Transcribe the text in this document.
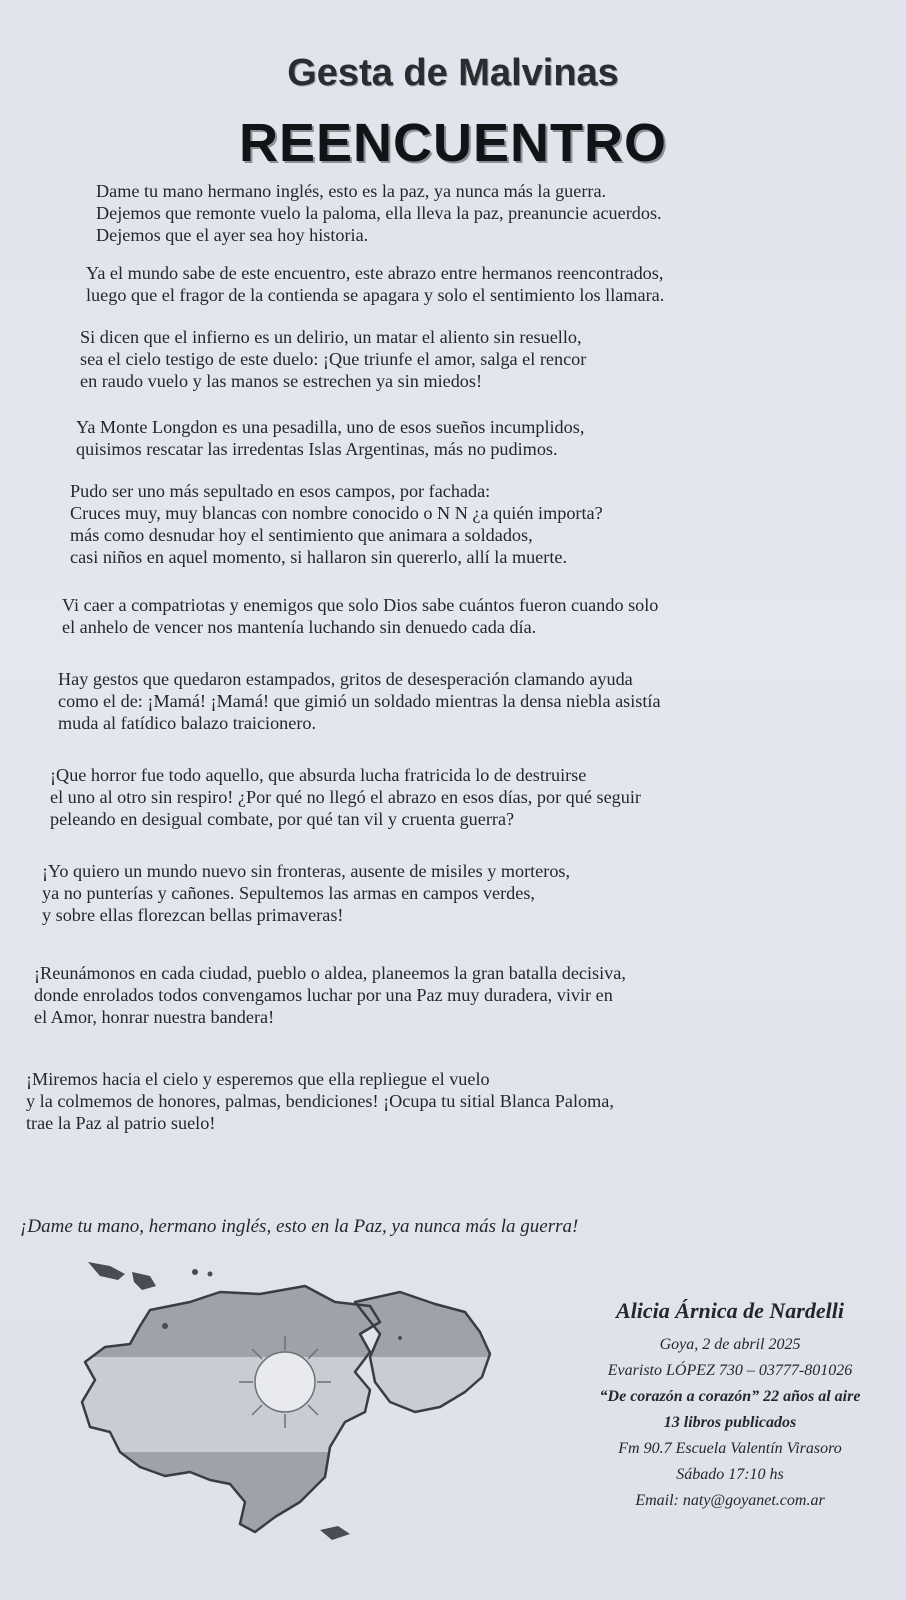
Gesta de Malvinas
REENCUENTRO
Dame tu mano hermano inglés, esto es la paz, ya nunca más la guerra.
Dejemos que remonte vuelo la paloma, ella lleva la paz, preanuncie acuerdos.
Dejemos que el ayer sea hoy historia.
Ya el mundo sabe de este encuentro, este abrazo entre hermanos reencontrados,
luego que el fragor de la contienda se apagara y solo el sentimiento los llamara.
Si dicen que el infierno es un delirio, un matar el aliento sin resuello,
sea el cielo testigo de este duelo: ¡Que triunfe el amor, salga el rencor
en raudo vuelo y las manos se estrechen ya sin miedos!
Ya Monte Longdon es una pesadilla, uno de esos sueños incumplidos,
quisimos rescatar las irredentas Islas Argentinas, más no pudimos.
Pudo ser uno más sepultado en esos campos, por fachada:
Cruces muy, muy blancas con nombre conocido o N N ¿a quién importa?
más como desnudar hoy el sentimiento que animara a soldados,
casi niños en aquel momento, si hallaron sin quererlo, allí la muerte.
Vi caer a compatriotas y enemigos que solo Dios sabe cuántos fueron cuando solo
el anhelo de vencer nos mantenía luchando sin denuedo cada día.
Hay gestos que quedaron estampados, gritos de desesperación clamando ayuda
como el de: ¡Mamá! ¡Mamá! que gimió un soldado mientras la densa niebla asistía
muda al fatídico balazo traicionero.
¡Que horror fue todo aquello, que absurda lucha fratricida lo de destruirse
el uno al otro sin respiro! ¿Por qué no llegó el abrazo en esos días, por qué seguir
peleando en desigual combate, por qué tan vil y cruenta guerra?
¡Yo quiero un mundo nuevo sin fronteras, ausente de misiles y morteros,
ya no punterías y cañones. Sepultemos las armas en campos verdes,
y sobre ellas florezcan bellas primaveras!
¡Reunámonos en cada ciudad, pueblo o aldea, planeemos la gran batalla decisiva,
donde enrolados todos convengamos luchar por una Paz muy duradera, vivir en
el Amor, honrar nuestra bandera!
¡Miremos hacia el cielo y esperemos que ella repliegue el vuelo
y la colmemos de honores, palmas, bendiciones! ¡Ocupa tu sitial Blanca Paloma,
trae la Paz al patrio suelo!
¡Dame tu mano, hermano inglés, esto en la Paz, ya nunca más la guerra!
Alicia Árnica de Nardelli
Goya, 2 de abril 2025
Evaristo LÓPEZ 730 – 03777-801026
“De corazón a corazón” 22 años al aire
13 libros publicados
Fm 90.7 Escuela Valentín Virasoro
Sábado 17:10 hs
Email: naty@goyanet.com.ar
